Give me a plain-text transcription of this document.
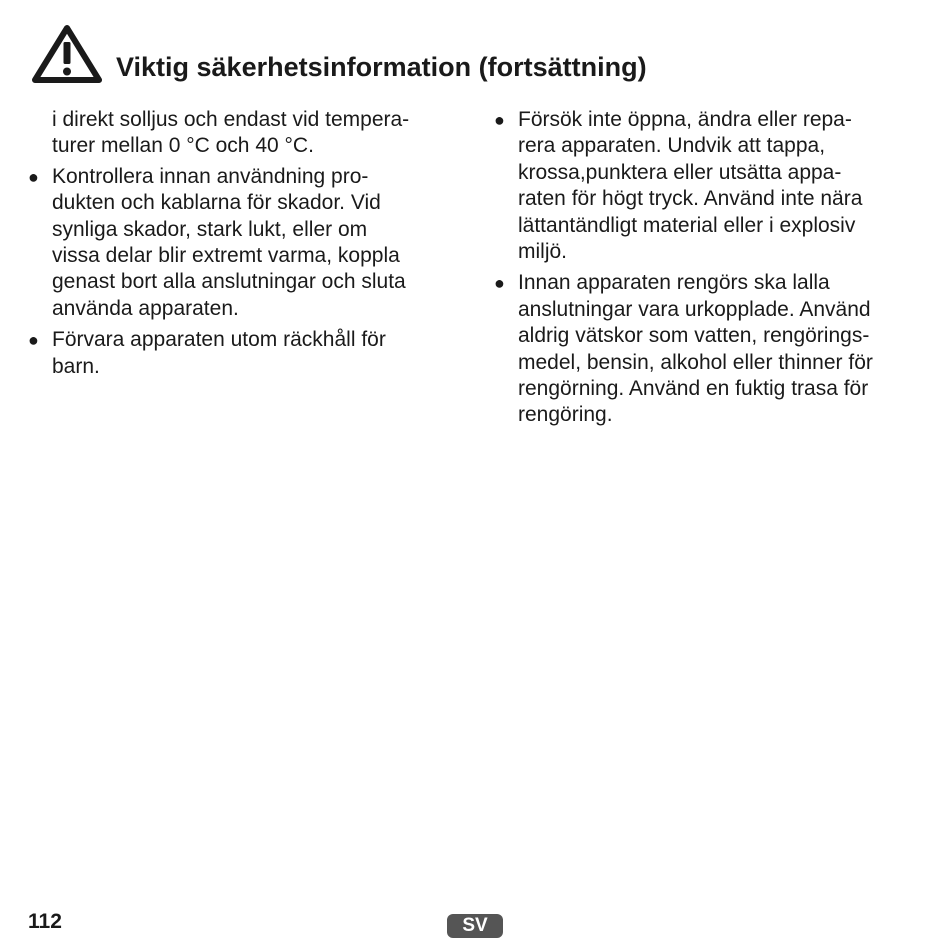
Viktig säkerhetsinformation (fortsättning)

i direkt solljus och endast vid tempera-
turer mellan 0 °C och 40 °C.

● Kontrollera innan användning pro-
dukten och kablarna för skador. Vid
synliga skador, stark lukt, eller om
vissa delar blir extremt varma, koppla
genast bort alla anslutningar och sluta
använda apparaten.
● Förvara apparaten utom räckhåll för
barn.
● Försök inte öppna, ändra eller repa-
rera apparaten. Undvik att tappa,
krossa,punktera eller utsätta appa-
raten för högt tryck. Använd inte nära
lättantändligt material eller i explosiv
miljö.
● Innan apparaten rengörs ska lalla
anslutningar vara urkopplade. Använd
aldrig vätskor som vatten, rengörings-
medel, bensin, alkohol eller thinner för
rengörning. Använd en fuktig trasa för
rengöring.
112	SV
